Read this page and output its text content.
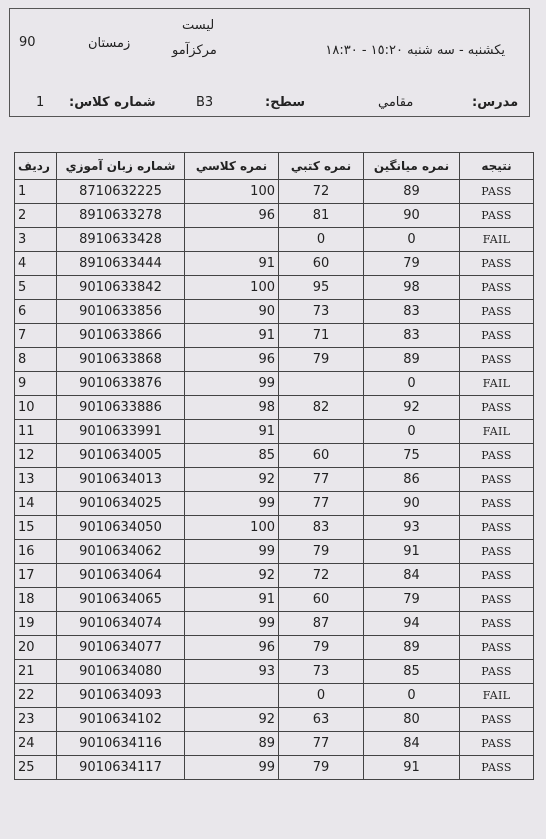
90	زمستان
ليست
مركزآمو	يكشنبه - سه شنبه ١٥:٢٠ - ١٨:٣٠
1 شماره كلاس:	B3	سطح:	مقامي	مدرس:
رديف	شماره زبان آموزي	نمره كلاسي	نمره كتبي	نمره ميانگين	نتيجه
1	8710632225	100	72	89	PASS
2	8910633278	96	81	90	PASS
3	8910633428		0	0	FAIL
4	8910633444	91	60	79	PASS
5	9010633842	100	95	98	PASS
6	9010633856	90	73	83	PASS
7	9010633866	91	71	83	PASS
8	9010633868	96	79	89	PASS
9	9010633876	99		0	FAIL
10	9010633886	98	82	92	PASS
11	9010633991	91		0	FAIL
12	9010634005	85	60	75	PASS
13	9010634013	92	77	86	PASS
14	9010634025	99	77	90	PASS
15	9010634050	100	83	93	PASS
16	9010634062	99	79	91	PASS
17	9010634064	92	72	84	PASS
18	9010634065	91	60	79	PASS
19	9010634074	99	87	94	PASS
20	9010634077	96	79	89	PASS
21	9010634080	93	73	85	PASS
22	9010634093		0	0	FAIL
23	9010634102	92	63	80	PASS
24	9010634116	89	77	84	PASS
25	9010634117	99	79	91	PASS
